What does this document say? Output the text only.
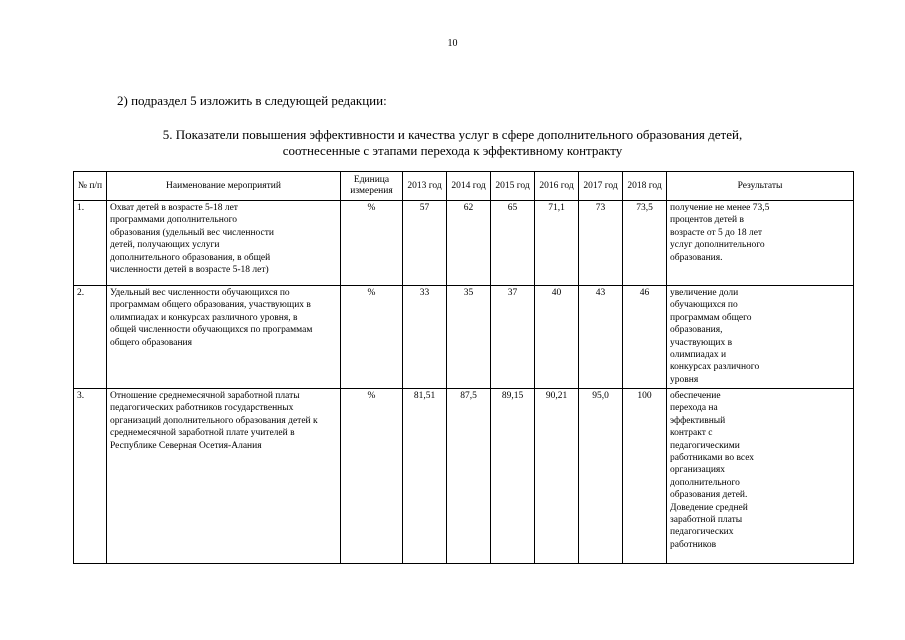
10
2) подраздел 5 изложить в следующей редакции:
5. Показатели повышения эффективности и качества услуг в сфере дополнительного образования детей,
соотнесенные с этапами перехода к эффективному контракту
№ п/п	Наименование мероприятий	Единица измерения	2013 год	2014 год	2015 год	2016 год	2017 год	2018 год	Результаты
1.	Охват детей в возрасте 5-18 лет программами дополнительного образования (удельный вес численности детей, получающих услуги дополнительного образования, в общей численности детей в возрасте 5-18 лет)	%	57	62	65	71,1	73	73,5	получение не менее 73,5 процентов детей в возрасте от 5 до 18 лет услуг дополнительного образования.

2.	Удельный вес численности обучающихся по программам общего образования, участвующих в олимпиадах и конкурсах различного уровня, в общей численности обучающихся по программам общего образования	%	33	35	37	40	43	46	увеличение доли обучающихся по программам общего образования, участвующих в олимпиадах и конкурсах различного уровня

3.	Отношение среднемесячной заработной платы педагогических работников государственных организаций дополнительного образования детей к среднемесячной заработной плате учителей в Республике Северная Осетия-Алания	%	81,51	87,5	89,15	90,21	95,0	100	обеспечение перехода на эффективный контракт с педагогическими работниками во всех организациях дополнительного образования детей. Доведение средней заработной платы педагогических работников
